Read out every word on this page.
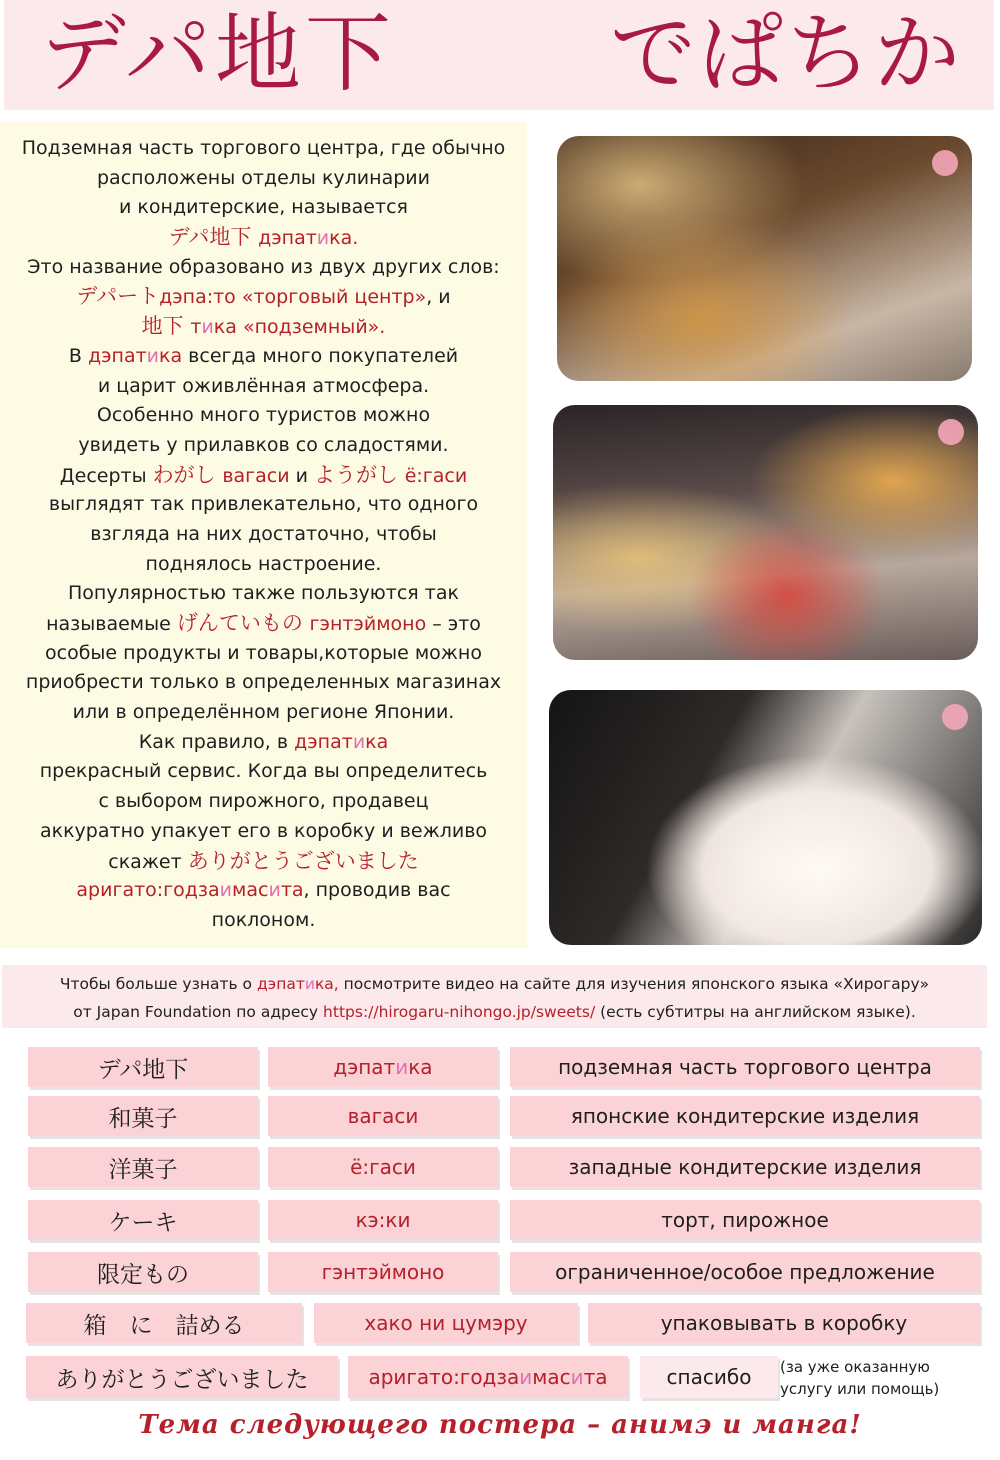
デパ地下	でぱちか
Подземная часть торгового центра, где обычно
расположены отделы кулинарии
и кондитерские, называется
デパ地下 дэпатика.
Это название образовано из двух других слов:
デパートдэпа:то «торговый центр», и
地下 тика «подземный».
В дэпатика всегда много покупателей
и царит оживлённая атмосфера.
Особенно много туристов можно
увидеть у прилавков со сладостями.
Десерты わがし вагаси и ようがし ё:гаси
выглядят так привлекательно, что одного
взгляда на них достаточно, чтобы
поднялось настроение.
Популярностью также пользуются так
называемые げんていもの гэнтэймоно – это
особые продукты и товары,которые можно
приобрести только в определенных магазинах
или в определённом регионе Японии.
Как правило, в дэпатика
прекрасный сервис. Когда вы определитесь
с выбором пирожного, продавец
аккуратно упакует его в коробку и вежливо
скажет ありがとうございました
аригато:годзаимасита, проводив вас
поклоном.
Чтобы больше узнать о дэпатика, посмотрите видео на сайте для изучения японского языка «Хирогару»
от Japan Foundation по адресу https://hirogaru-nihongo.jp/sweets/ (есть субтитры на английском языке).
デパ地下	дэпат и ка	подземная часть торгового центра
和菓子	вагаси	японские кондитерские изделия
洋菓子	ё:гаси	западные кондитерские изделия
ケーキ	кэ:ки	торт, пирожное
限定もの	гэнтэймоно	ограниченное/особое предложение
箱　に　詰める	хако ни цумэру	упаковывать в коробку
ありがとうございました	аригато:годза и мас и та	спасибо	(за уже оказанную
услугу или помощь)
Тема следующего постера – анимэ и манга!
